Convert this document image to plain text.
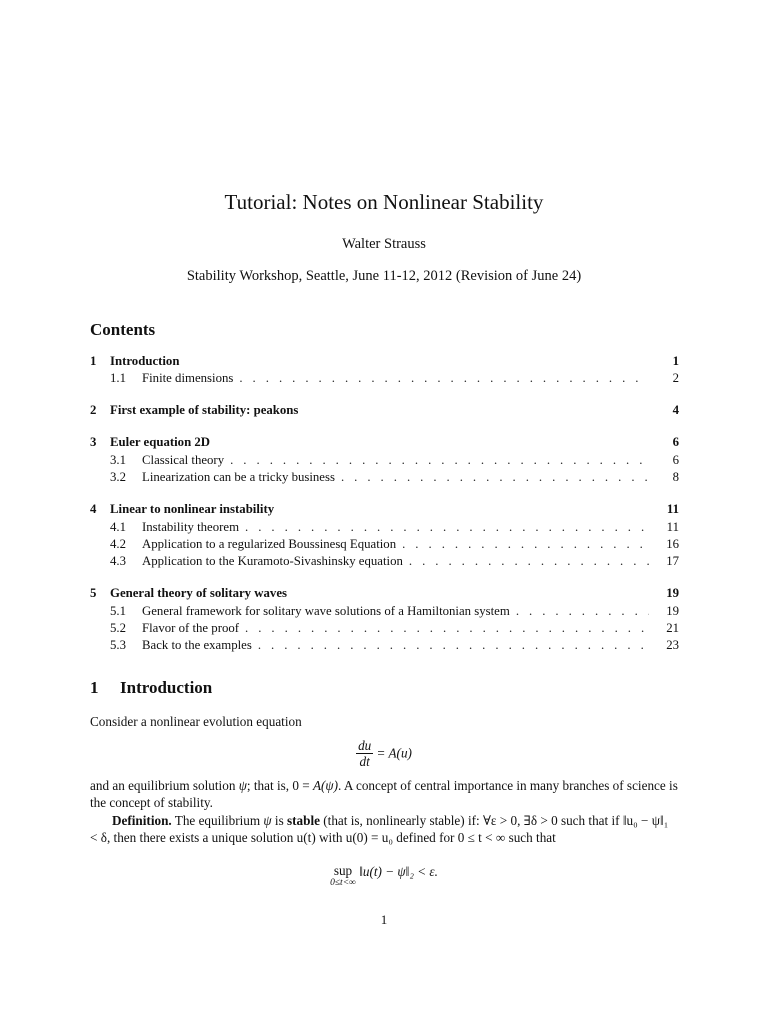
Tutorial: Notes on Nonlinear Stability
Walter Strauss
Stability Workshop, Seattle, June 11-12, 2012 (Revision of June 24)
Contents
1	Introduction	1
1.1	Finite dimensions . . .	2
2	First example of stability: peakons	4
3	Euler equation 2D	6
3.1	Classical theory . . .	6
3.2	Linearization can be a tricky business . . .	8
4	Linear to nonlinear instability	11
4.1	Instability theorem . . .	11
4.2	Application to a regularized Boussinesq Equation . . .	16
4.3	Application to the Kuramoto-Sivashinsky equation . . .	17
5	General theory of solitary waves	19
5.1	General framework for solitary wave solutions of a Hamiltonian system . . .	19
5.2	Flavor of the proof . . .	21
5.3	Back to the examples . . .	23
1 Introduction
Consider a nonlinear evolution equation
$\frac{du}{dt} = A(u)$
and an equilibrium solution ψ; that is, 0 = A(ψ). A concept of central importance in many branches of science is the concept of stability.
Definition. The equilibrium ψ is stable (that is, nonlinearly stable) if: ∀ε > 0, ∃δ > 0 such that if ‖u₀ − ψ‖₁ < δ, then there exists a unique solution u(t) with u(0) = u₀ defined for 0 ≤ t < ∞ such that
sup
0≤t<∞
‖u(t) − ψ‖₂ < ε.
1
